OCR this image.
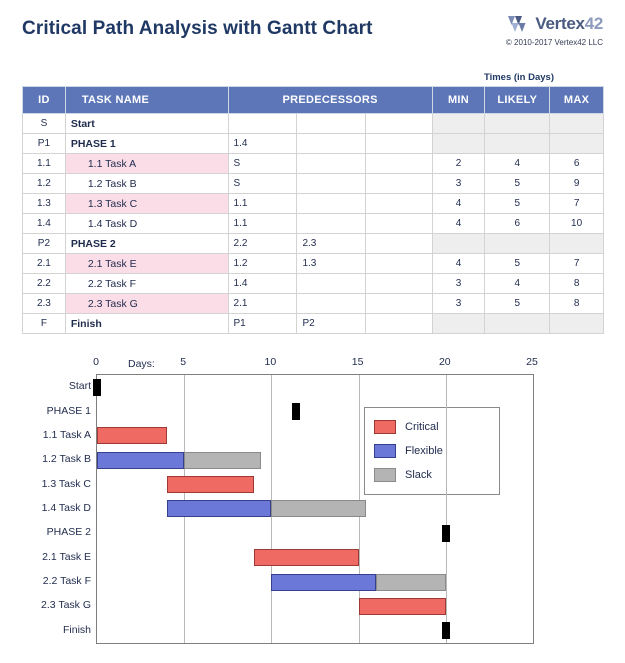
Critical Path Analysis with Gantt Chart	Vertex42
© 2010-2017 Vertex42 LLC
Times (in Days)
ID	TASK NAME	PREDECESSORS			MIN	LIKELY	MAX
S	Start						
P1	PHASE 1	1.4					
1.1	1.1 Task A	S			2	4	6
1.2	1.2 Task B	S			3	5	9
1.3	1.3 Task C	1.1			4	5	7
1.4	1.4 Task D	1.1			4	6	10
P2	PHASE 2	2.2	2.3				
2.1	2.1 Task E	1.2	1.3		4	5	7
2.2	2.2 Task F	1.4			3	4	8
2.3	2.3 Task G	2.1			3	5	8
F	Finish	P1	P2				
Days:
0	5	10	15	20	25
Critical
Flexible
Slack
Start
PHASE 1
1.1 Task A
1.2 Task B
1.3 Task C
1.4 Task D
PHASE 2
2.1 Task E
2.2 Task F
2.3 Task G
Finish
